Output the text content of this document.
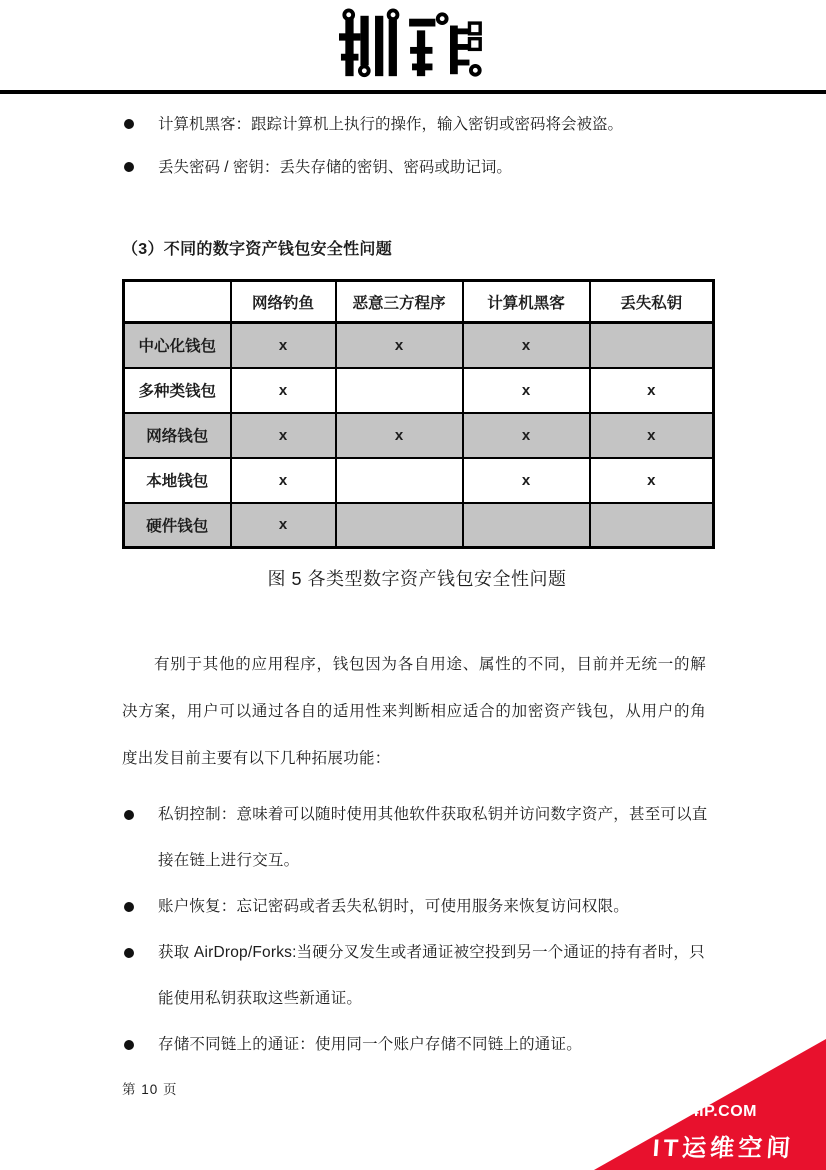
计算机黑客：跟踪计算机上执行的操作，输入密钥或密码将会被盗。
丢失密码 / 密钥：丢失存储的密钥、密码或助记词。
（3）不同的数字资产钱包安全性问题
	网络钓鱼	恶意三方程序	计算机黑客	丢失私钥
中心化钱包	x	x	x	
多种类钱包	x		x	x
网络钱包	x	x	x	x
本地钱包	x		x	x
硬件钱包	x			
图 5 各类型数字资产钱包安全性问题

有别于其他的应用程序，钱包因为各自用途、属性的不同，目前并无统一的解决方案，用户可以通过各自的适用性来判断相应适合的加密资产钱包，从用户的角度出发目前主要有以下几种拓展功能：

私钥控制：意味着可以随时使用其他软件获取私钥并访问数字资产，甚至可以直接在链上进行交互。
账户恢复：忘记密码或者丢失私钥时，可使用服务来恢复访问权限。
获取 AirDrop/Forks:当硬分叉发生或者通证被空投到另一个通证的持有者时，只能使用私钥获取这些新通证。
存储不同链上的通证：使用同一个账户存储不同链上的通证。
第 10 页
WWW.94IP.COM
IT运维空间
